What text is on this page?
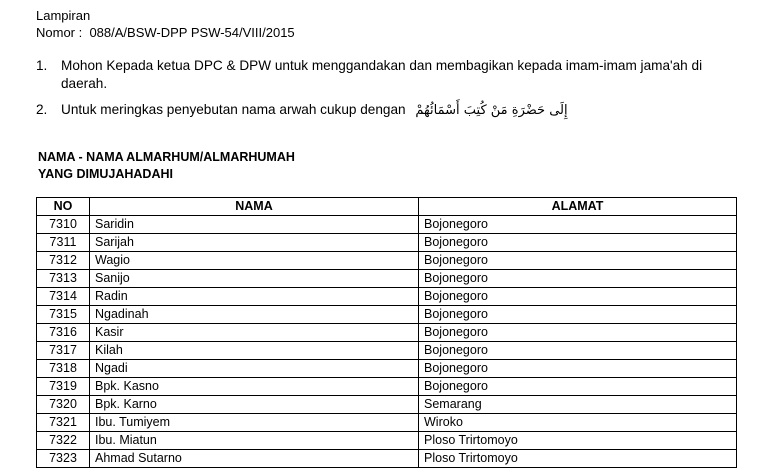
Lampiran
Nomor :  088/A/BSW-DPP PSW-54/VIII/2015
1. Mohon Kepada ketua DPC & DPW untuk menggandakan dan membagikan kepada imam-imam jama'ah di daerah.
2. Untuk meringkas penyebutan nama arwah cukup dengan إِلَى حَضْرَةِ مَنْ كُتِبَ أَسْمَائُهُمْ
NAMA - NAMA ALMARHUM/ALMARHUMAH
YANG DIMUJAHADAHI
NO	NAMA	ALAMAT
7310	Saridin	Bojonegoro
7311	Sarijah	Bojonegoro
7312	Wagio	Bojonegoro
7313	Sanijo	Bojonegoro
7314	Radin	Bojonegoro
7315	Ngadinah	Bojonegoro
7316	Kasir	Bojonegoro
7317	Kilah	Bojonegoro
7318	Ngadi	Bojonegoro
7319	Bpk. Kasno	Bojonegoro
7320	Bpk. Karno	Semarang
7321	Ibu. Tumiyem	Wiroko
7322	Ibu. Miatun	Ploso Trirtomoyo
7323	Ahmad Sutarno	Ploso Trirtomoyo
